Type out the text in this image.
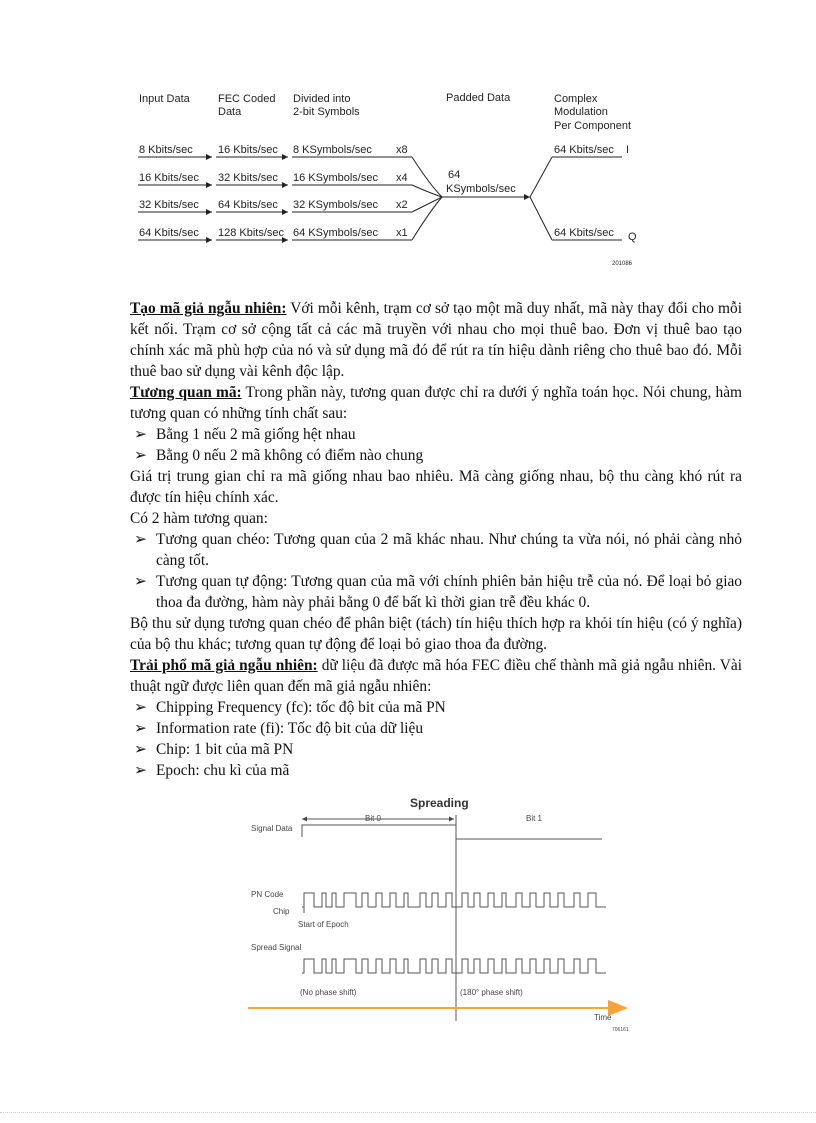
Input Data	FEC Coded
Data
Divided into
2-bit Symbols
Padded Data	Complex
Modulation
Per Component
8 Kbits/sec 16 Kbits/sec 8 KSymbols/sec x8
16 Kbits/sec 32 Kbits/sec 16 KSymbols/sec x4
32 Kbits/sec 64 Kbits/sec 32 KSymbols/sec x2
64 Kbits/sec 128 Kbits/sec 64 KSymbols/sec x1
64
KSymbols/sec
64 Kbits/sec I
64 Kbits/sec Q
201086

Tạo mã giả ngẫu nhiên: Với mỗi kênh, trạm cơ sở tạo một mã duy nhất, mã này thay đổi cho mỗi kết nối. Trạm cơ sở cộng tất cả các mã truyền với nhau cho mọi thuê bao. Đơn vị thuê bao tạo chính xác mã phù hợp của nó và sử dụng mã đó để rút ra tín hiệu dành riêng cho thuê bao đó. Mỗi thuê bao sử dụng vài kênh độc lập.

Tương quan mã: Trong phần này, tương quan được chỉ ra dưới ý nghĩa toán học. Nói chung, hàm tương quan có những tính chất sau:

➢ Bằng 1 nếu 2 mã giống hệt nhau

➢ Bằng 0 nếu 2 mã không có điểm nào chung

Giá trị trung gian chỉ ra mã giống nhau bao nhiêu. Mã càng giống nhau, bộ thu càng khó rút ra được tín hiệu chính xác.

Có 2 hàm tương quan:

➢ Tương quan chéo: Tương quan của 2 mã khác nhau. Như chúng ta vừa nói, nó phải càng nhỏ càng tốt.

➢ Tương quan tự động: Tương quan của mã với chính phiên bản hiệu trễ của nó. Để loại bỏ giao thoa đa đường, hàm này phải bằng 0 để bất kì thời gian trễ đều khác 0.

Bộ thu sử dụng tương quan chéo để phân biệt (tách) tín hiệu thích hợp ra khỏi tín hiệu (có ý nghĩa) của bộ thu khác; tương quan tự động để loại bỏ giao thoa đa đường.

Trải phổ mã giả ngẫu nhiên: dữ liệu đã được mã hóa FEC điều chế thành mã giả ngẫu nhiên. Vài thuật ngữ được liên quan đến mã giả ngẫu nhiên:

➢ Chipping Frequency (fc): tốc độ bit của mã PN

➢ Information rate (fi): Tốc độ bit của dữ liệu

➢ Chip: 1 bit của mã PN

➢ Epoch: chu kì của mã

Spreading
Bit 0	Bit 1
Signal Data
PN Code
Chip
Start of Epoch
Spread Signal
(No phase shift)	(180° phase shift)
Time
706161
